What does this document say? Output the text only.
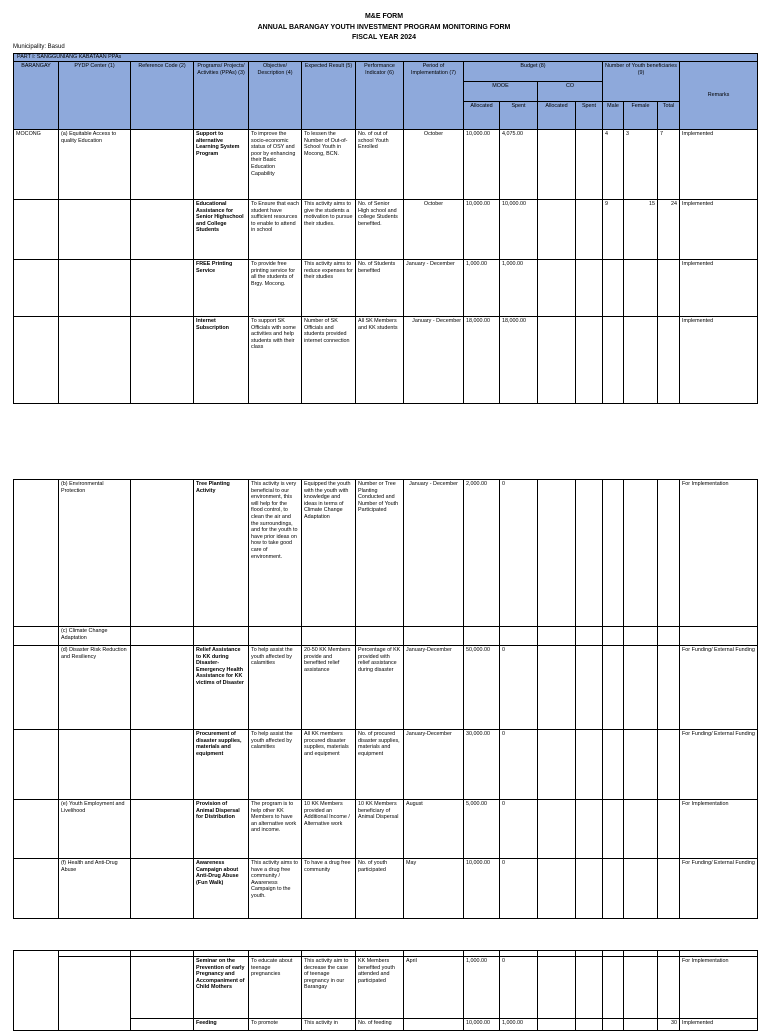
M&E FORM
ANNUAL BARANGAY YOUTH INVESTMENT PROGRAM MONITORING FORM
FISCAL YEAR 2024
Municipality: Basud
PART I: SANGGUNIANG KABATAAN PPAs															
BARANGAY	PYDP Center (1)	Reference Code (2)	Programs/ Projects/ Activities (PPAs) (3)	Objective/ Description (4)	Expected Result (5)	Performance Indicator (6)	Period of Implementation (7)	Budget (8)				Number of Youth beneficiaries (9)			Remarks
								MOOE		CO					
								Allocated	Spent	Allocated	Spent	Male	Female	Total	
MOCONG	(a) Equitable Access to quality Education		Support to alternative Learning System Program	To improve the socio-economic status of OSY and poor by enhancing their Basic Education Capability	To lessen the Number of Out-of-School Youth in Mocong, BCN.	No. of out of school Youth Enrolled	October	10,000.00	4,075.00			4	3	7	Implemented
			Educational Assistance for Senior Highschool and College Students	To Ensure that each student have sufficient resources to enable to attend in school	This activity aims to give the students a motivation to pursue their studies.	No. of Senior High school and college Students benefited.	October	10,000.00	10,000.00			9	15	24	Implemented
			FREE Printing Service	To provide free printing service for all the students of Brgy. Mocong.	This activity aims to reduce expenses for their studies	No. of Students benefited	January - December	1,000.00	1,000.00						Implemented
			Internet Subscription	To support SK Officials with some activities and help students with their class	Number of SK Officials and students provided internet connection	All SK Members and KK students	January - December	18,000.00	18,000.00						Implemented
	(b) Environmental Protection		Tree Planting Activity	This activity is very beneficial to our environment, this will help for the flood control, to clean the air and the surroundings, and for the youth to have prior ideas on how to take good care of environment.	Equipped the youth with the youth with knowledge and ideas in terms of Climate Change Adaptation	Number or Tree Planting Conducted and Number of Youth Participated	January - December	2,000.00	0						For Implementation
	(c) Climate Change Adaptation														
	(d) Disaster Risk Reduction and Resiliency		Relief Assistance to KK during Disaster-Emergency Health Assistance for KK victims of Disaster	To help assist the youth affected by calamities	20-50 KK Members provide and benefited relief assistance	Percentage of KK provided with relief assistance during disaster	January-December	50,000.00	0						For Funding/ External Funding
			Procurement of disaster supplies, materials and equipment	To help assist the youth affected by calamities	All KK members procured disaster supplies, materials and equipment	No. of procured disaster supplies, materials and equipment	January-December	30,000.00	0						For Funding/ External Funding
	(e) Youth Employment and Livelihood		Provision of Animal Dispersal for Distribution	The program is to help other KK Members to have an alternative work and income.	10 KK Members provided an Additional Income / Alternative work	10 KK Members beneficiary of Animal Dispersal	August	5,000.00	0						For Implementation
	(f) Health and Anti-Drug Abuse		Awareness Campaign about Anti-Drug Abuse (Fun Walk)	This activity aims to have a drug free community / Awareness Campaign to the youth.	To have a drug free community	No. of youth participated	May	10,000.00	0						For Funding/ External Funding

			Seminar on the Prevention of early Pregnancy and Accompaniment of Child Mothers	To educate about teenage pregnancies	This activity aim to decrease the case of teenage pregnancy in our Barangay	KK Members benefited youth attended and participated	April	1,000.00	0						For Implementation
			Feeding	To promote	This activity in	No. of feeding		10,000.00	1,000.00					30	Implemented
